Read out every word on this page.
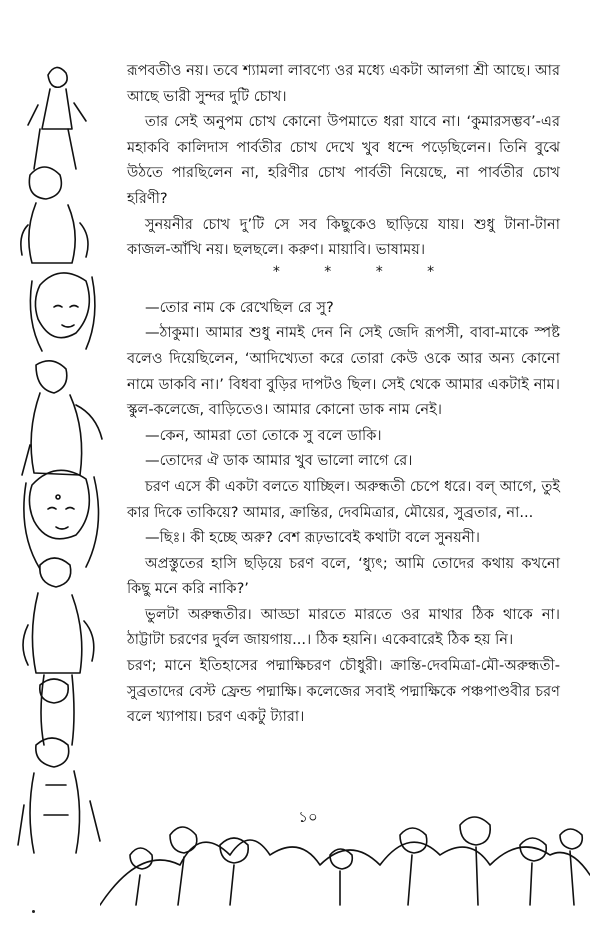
রূপবতীও নয়। তবে শ্যামলা লাবণ্যে ওর মধ্যে একটা আলগা শ্রী আছে। আর আছে ভারী সুন্দর দুটি চোখ।

তার সেই অনুপম চোখ কোনো উপমাতে ধরা যাবে না। ‘কুমারসম্ভব’-এর মহাকবি কালিদাস পার্বতীর চোখ দেখে খুব ধন্দে পড়েছিলেন। তিনি বুঝে উঠতে পারছিলেন না, হরিণীর চোখ পার্বতী নিয়েছে, না পার্বতীর চোখ হরিণী?

সুনয়নীর চোখ দু’টি সে সব কিছুকেও ছাড়িয়ে যায়। শুধু টানা-টানা কাজল-আঁখি নয়। ছলছলে। করুণ। মায়াবি। ভাষাময়।

* * * *

—তোর নাম কে রেখেছিল রে সু?

—ঠাকুমা। আমার শুধু নামই দেন নি সেই জেদি রূপসী, বাবা-মাকে স্পষ্ট বলেও দিয়েছিলেন, ‘আদিখ্যেতা করে তোরা কেউ ওকে আর অন্য কোনো নামে ডাকবি না।’ বিধবা বুড়ির দাপটও ছিল। সেই থেকে আমার একটাই নাম। স্কুল-কলেজে, বাড়িতেও। আমার কোনো ডাক নাম নেই।

—কেন, আমরা তো তোকে সু বলে ডাকি।

—তোদের ঐ ডাক আমার খুব ভালো লাগে রে।

চরণ এসে কী একটা বলতে যাচ্ছিল। অরুন্ধতী চেপে ধরে। বল্ আগে, তুই কার দিকে তাকিয়ে? আমার, ক্রান্তির, দেবমিত্রার, মৌয়ের, সুব্রতার, না...

—ছিঃ। কী হচ্ছে অরু? বেশ রূঢ়ভাবেই কথাটা বলে সুনয়নী।

অপ্রস্তুতের হাসি ছড়িয়ে চরণ বলে, ‘ধ্যুৎ; আমি তোদের কথায় কখনো কিছু মনে করি নাকি?’

ভুলটা অরুন্ধতীর। আড্ডা মারতে মারতে ওর মাথার ঠিক থাকে না। ঠাট্টাটা চরণের দুর্বল জায়গায়...। ঠিক হয়নি। একেবারেই ঠিক হয় নি।

চরণ; মানে ইতিহাসের পদ্মাক্ষিচরণ চৌধুরী। ক্রান্তি-দেবমিত্রা-মৌ-অরুন্ধতী-সুব্রতাদের বেস্ট ফ্রেন্ড পদ্মাক্ষি। কলেজের সবাই পদ্মাক্ষিকে পঞ্চপাণ্ডবীর চরণ বলে খ্যাপায়। চরণ একটু ট্যারা।

১০
